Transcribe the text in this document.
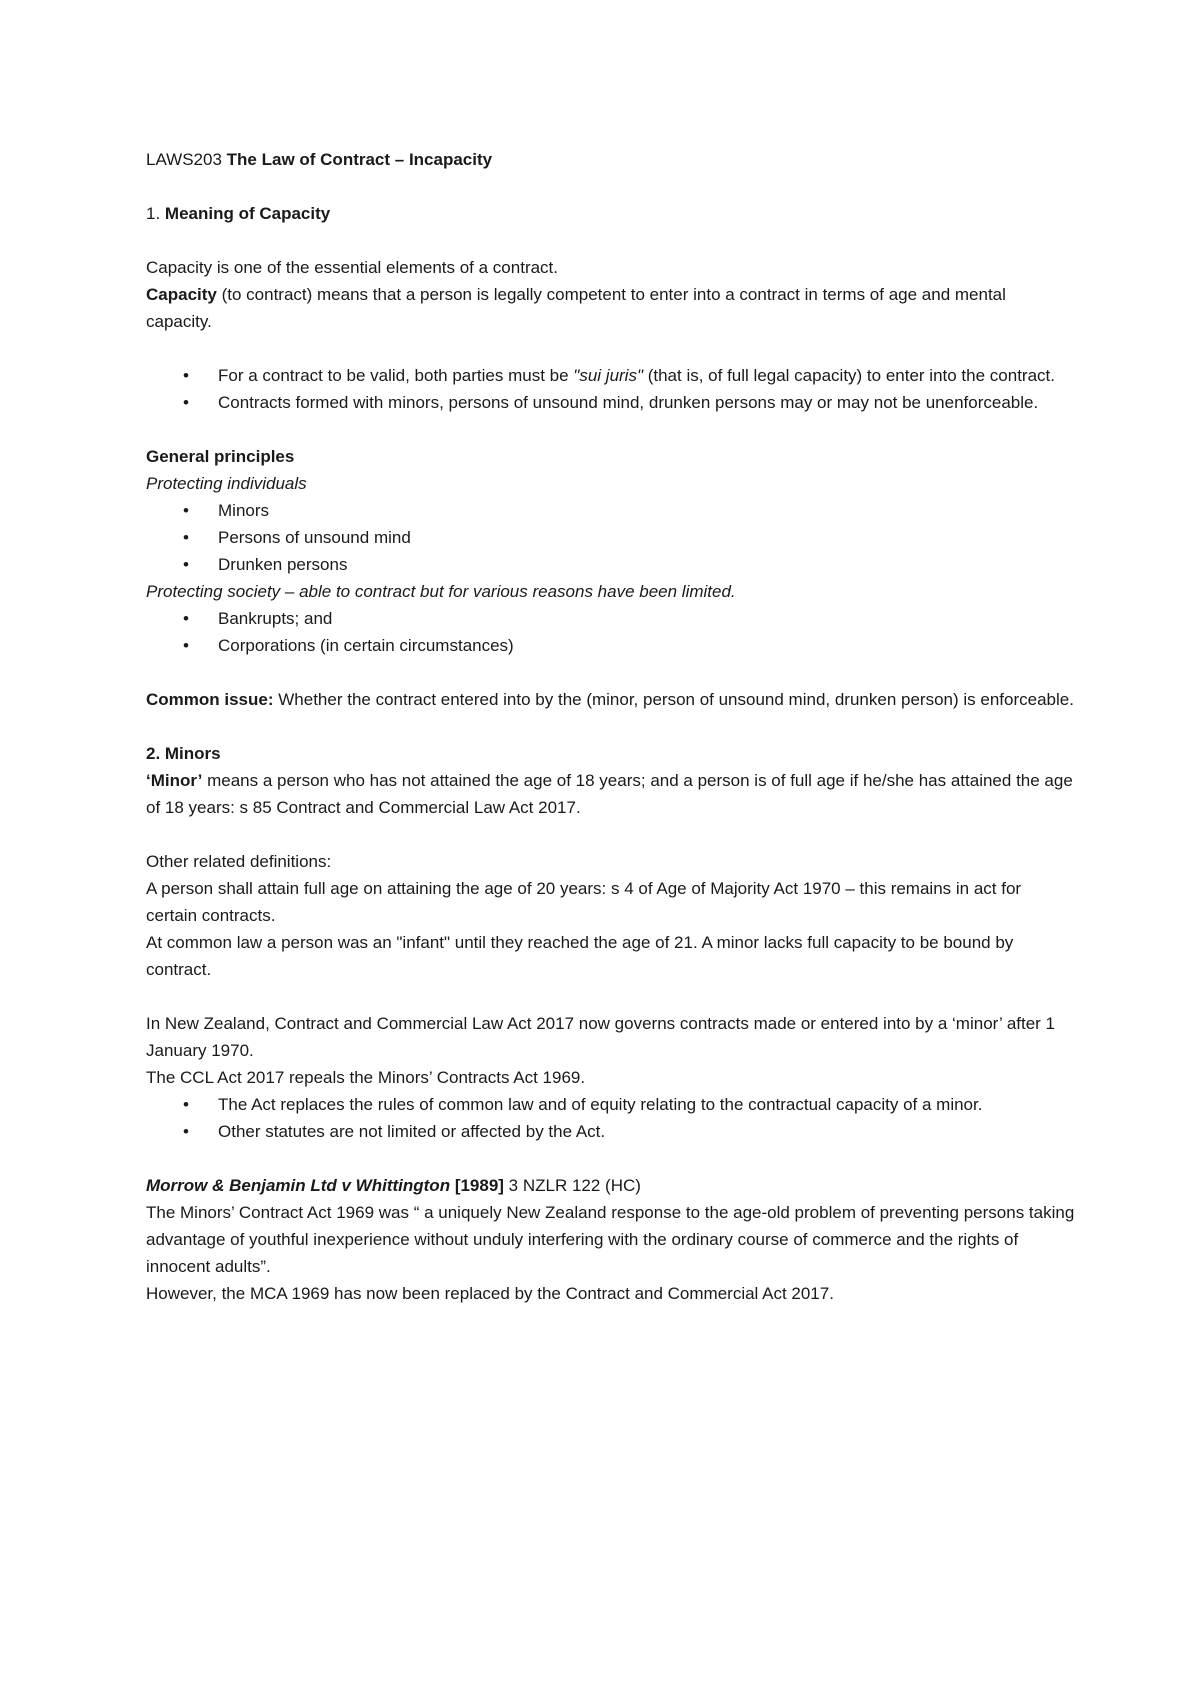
LAWS203 The Law of Contract – Incapacity

1. Meaning of Capacity

Capacity is one of the essential elements of a contract.

Capacity (to contract) means that a person is legally competent to enter into a contract in terms of age and mental capacity.

• For a contract to be valid, both parties must be "sui juris" (that is, of full legal capacity) to enter into the contract.
• Contracts formed with minors, persons of unsound mind, drunken persons may or may not be unenforceable.

General principles

Protecting individuals

• Minors
• Persons of unsound mind
• Drunken persons

Protecting society – able to contract but for various reasons have been limited.

• Bankrupts; and
• Corporations (in certain circumstances)

Common issue: Whether the contract entered into by the (minor, person of unsound mind, drunken person) is enforceable.

2. Minors

‘Minor’ means a person who has not attained the age of 18 years; and a person is of full age if he/she has attained the age of 18 years: s 85 Contract and Commercial Law Act 2017.

Other related definitions:

A person shall attain full age on attaining the age of 20 years: s 4 of Age of Majority Act 1970 – this remains in act for certain contracts.

At common law a person was an "infant" until they reached the age of 21. A minor lacks full capacity to be bound by contract.

In New Zealand, Contract and Commercial Law Act 2017 now governs contracts made or entered into by a ‘minor’ after 1 January 1970.

The CCL Act 2017 repeals the Minors’ Contracts Act 1969.

• The Act replaces the rules of common law and of equity relating to the contractual capacity of a minor.
• Other statutes are not limited or affected by the Act.

Morrow & Benjamin Ltd v Whittington [1989] 3 NZLR 122 (HC)

The Minors’ Contract Act 1969 was “ a uniquely New Zealand response to the age-old problem of preventing persons taking advantage of youthful inexperience without unduly interfering with the ordinary course of commerce and the rights of innocent adults”.

However, the MCA 1969 has now been replaced by the Contract and Commercial Act 2017.
